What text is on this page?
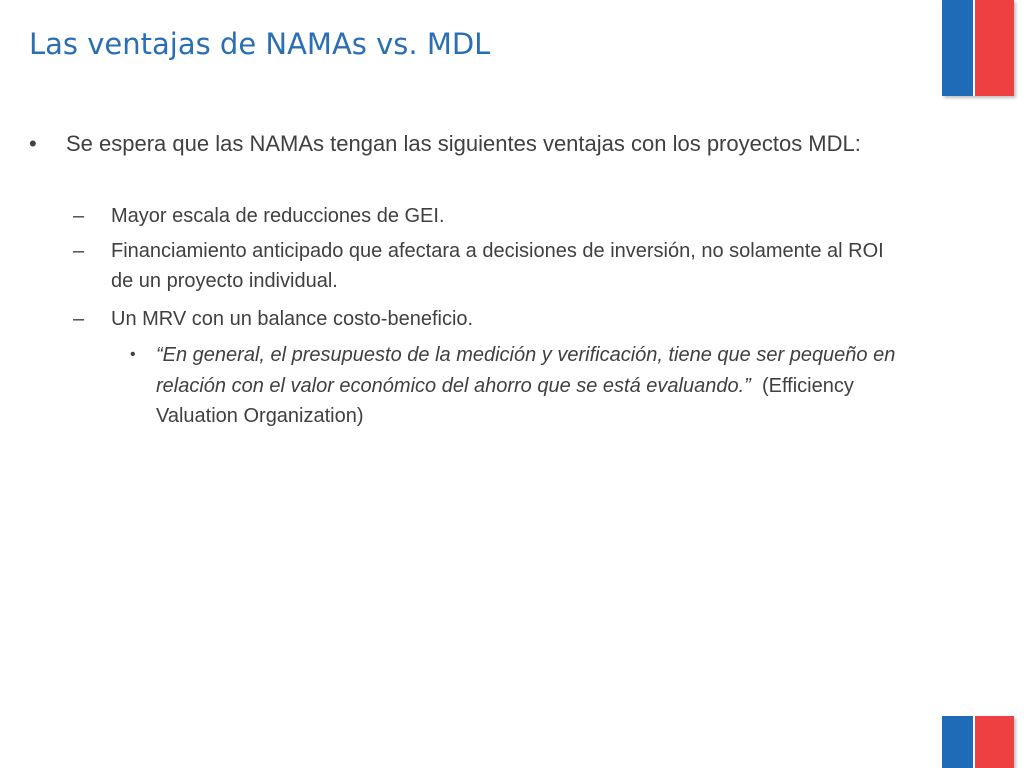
Las ventajas de NAMAs vs. MDL
• Se espera que las NAMAs tengan las siguientes ventajas con los proyectos MDL:
– Mayor escala de reducciones de GEI.
– Financiamiento anticipado que afectara a decisiones de inversión, no solamente al ROI de un proyecto individual.
– Un MRV con un balance costo-beneficio.
• “En general, el presupuesto de la medición y verificación, tiene que ser pequeño en relación con el valor económico del ahorro que se está evaluando.” (Efficiency Valuation Organization)
